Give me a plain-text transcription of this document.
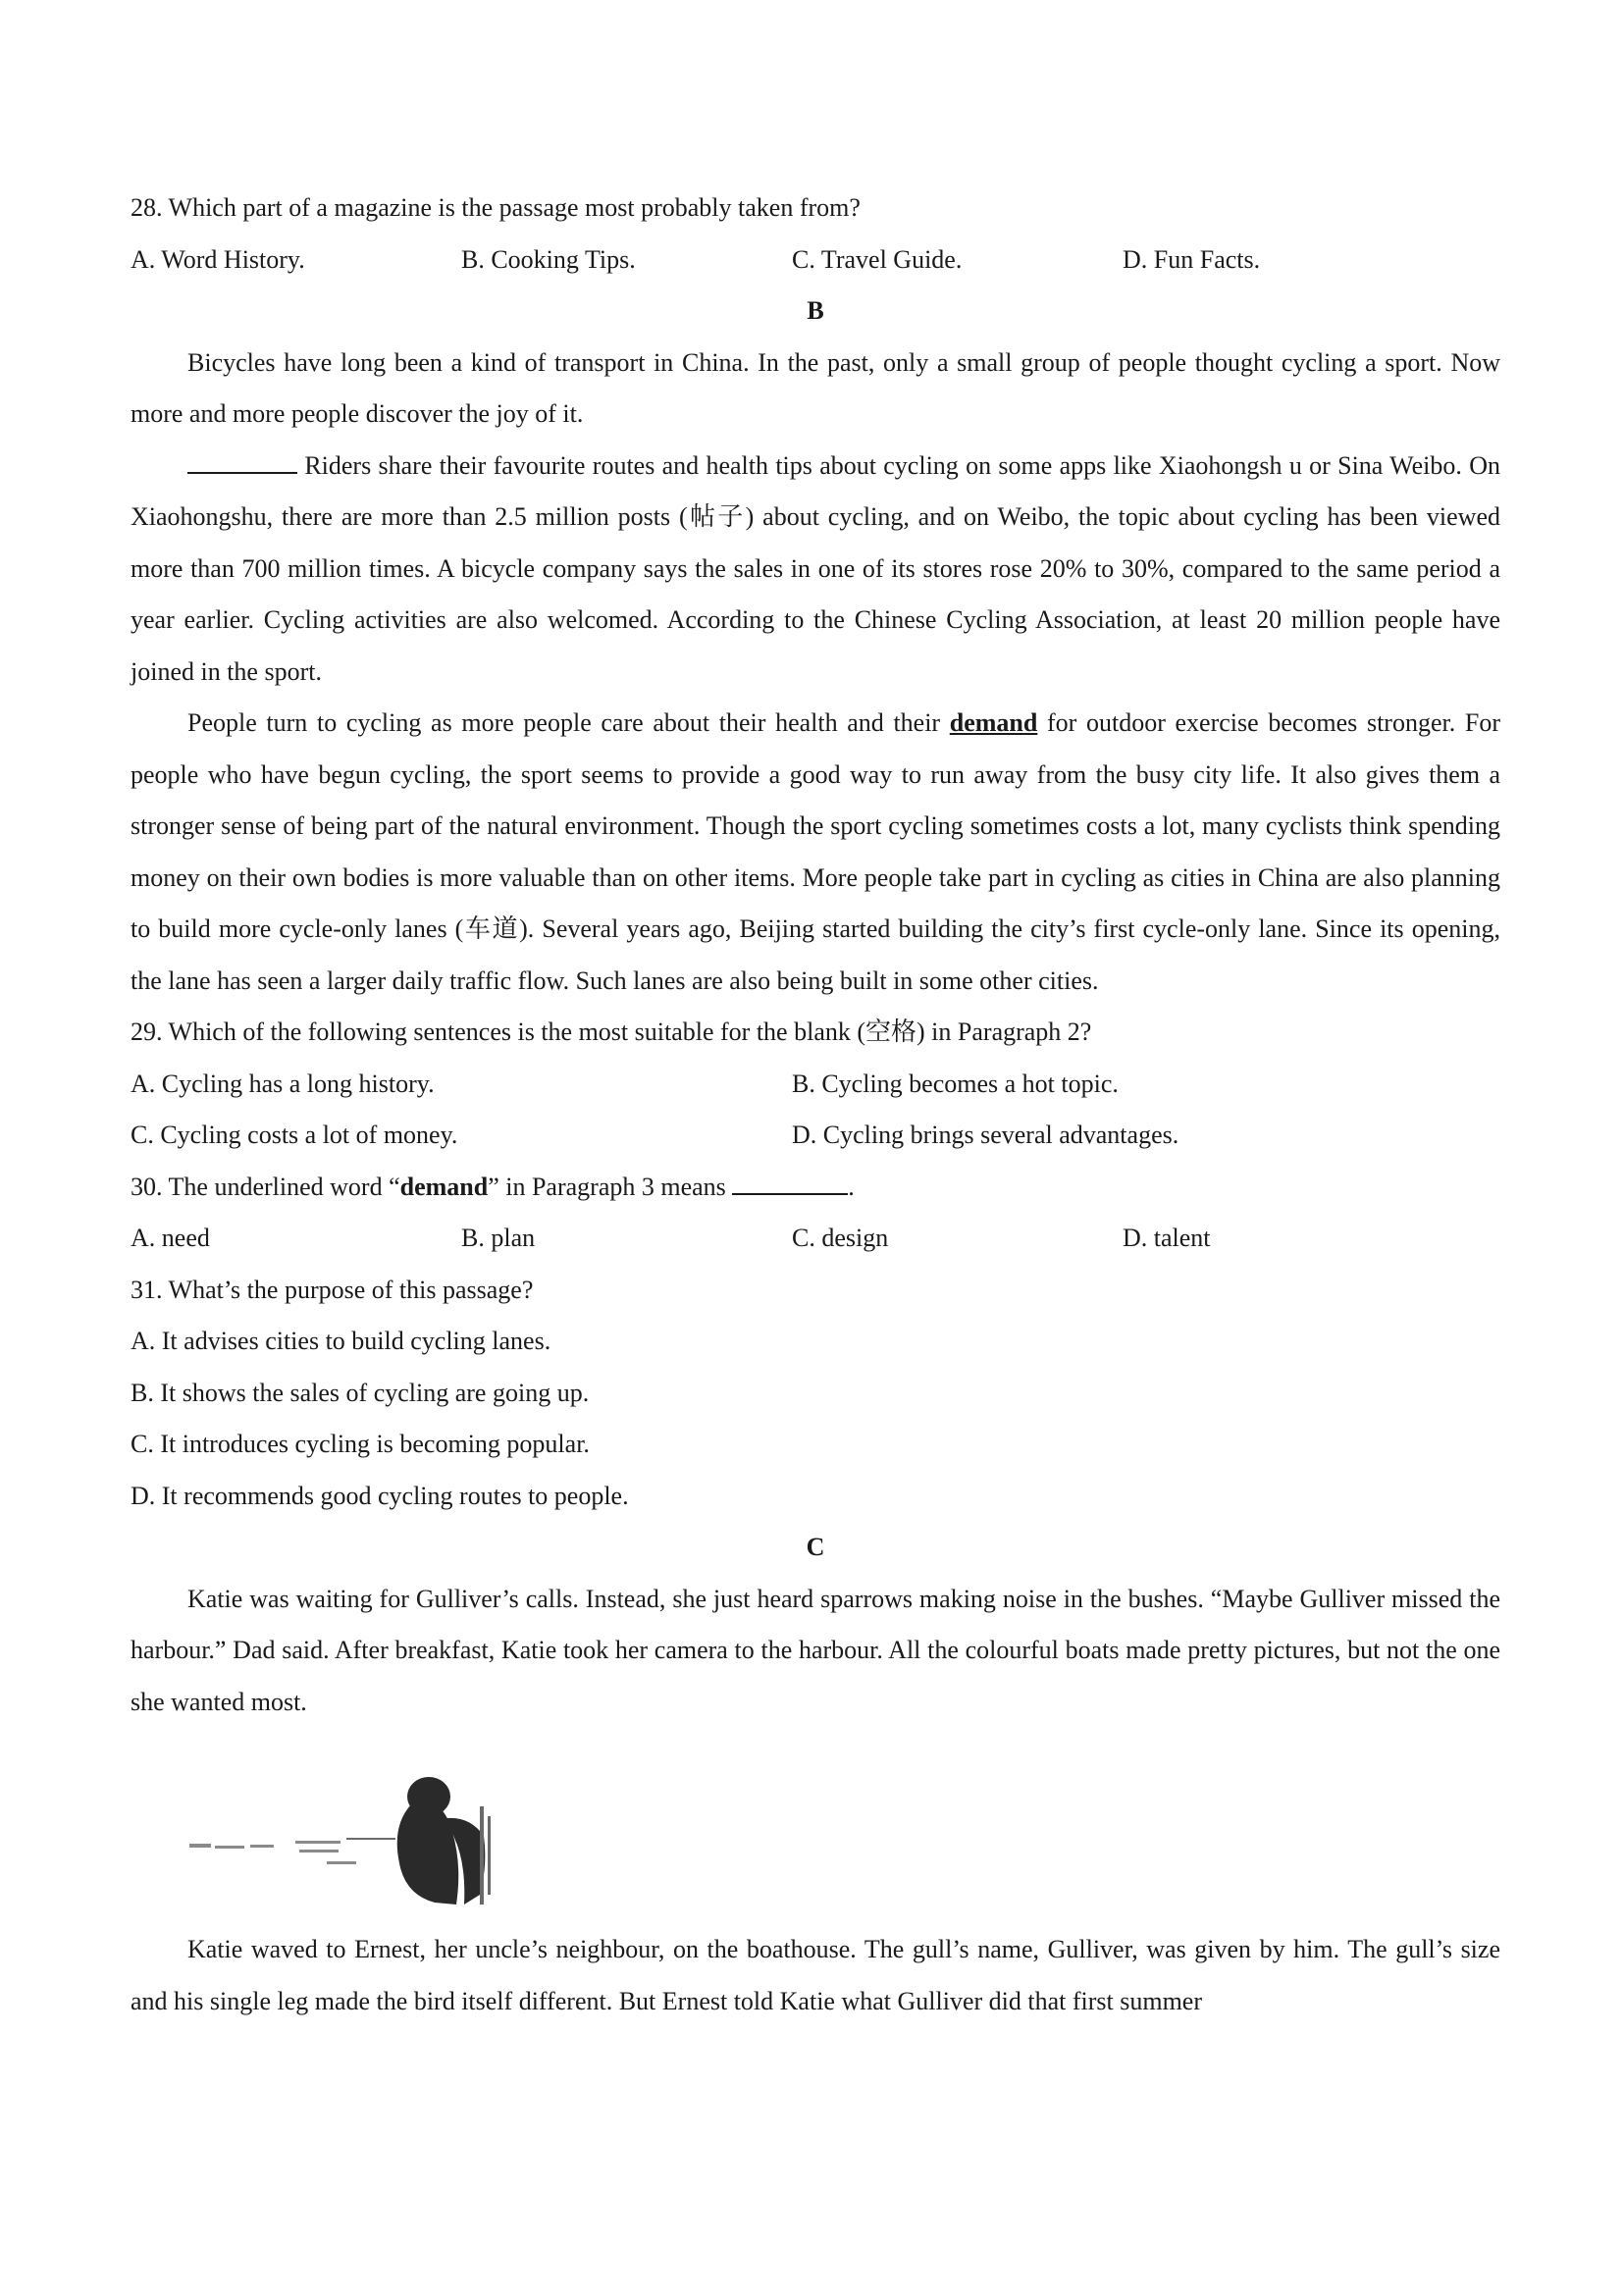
28. Which part of a magazine is the passage most probably taken from?
A. Word History.	B. Cooking Tips.	C. Travel Guide.	D. Fun Facts.
B

Bicycles have long been a kind of transport in China. In the past, only a small group of people thought cycling a sport. Now more and more people discover the joy of it.

Riders share their favourite routes and health tips about cycling on some apps like Xiaohongsh u or Sina Weibo. On Xiaohongshu, there are more than 2.5 million posts (帖子) about cycling, and on Weibo, the topic about cycling has been viewed more than 700 million times. A bicycle company says the sales in one of its stores rose 20% to 30%, compared to the same period a year earlier. Cycling activities are also welcomed. According to the Chinese Cycling Association, at least 20 million people have joined in the sport.

People turn to cycling as more people care about their health and their demand for outdoor exercise becomes stronger. For people who have begun cycling, the sport seems to provide a good way to run away from the busy city life. It also gives them a stronger sense of being part of the natural environment. Though the sport cycling sometimes costs a lot, many cyclists think spending money on their own bodies is more valuable than on other items. More people take part in cycling as cities in China are also planning to build more cycle-only lanes (车道). Several years ago, Beijing started building the city’s first cycle-only lane. Since its opening, the lane has seen a larger daily traffic flow. Such lanes are also being built in some other cities.

29. Which of the following sentences is the most suitable for the blank (空格) in Paragraph 2?
A. Cycling has a long history.	B. Cycling becomes a hot topic.
C. Cycling costs a lot of money.	D. Cycling brings several advantages.
30. The underlined word “demand” in Paragraph 3 means	.
A. need	B. plan	C. design	D. talent
31. What’s the purpose of this passage?
A. It advises cities to build cycling lanes.
B. It shows the sales of cycling are going up.
C. It introduces cycling is becoming popular.
D. It recommends good cycling routes to people.
C

Katie was waiting for Gulliver’s calls. Instead, she just heard sparrows making noise in the bushes. “Maybe Gulliver missed the harbour.” Dad said. After breakfast, Katie took her camera to the harbour. All the colourful boats made pretty pictures, but not the one she wanted most.

Katie waved to Ernest, her uncle’s neighbour, on the boathouse. The gull’s name, Gulliver, was given by him. The gull’s size and his single leg made the bird itself different. But Ernest told Katie what Gulliver did that first summer
